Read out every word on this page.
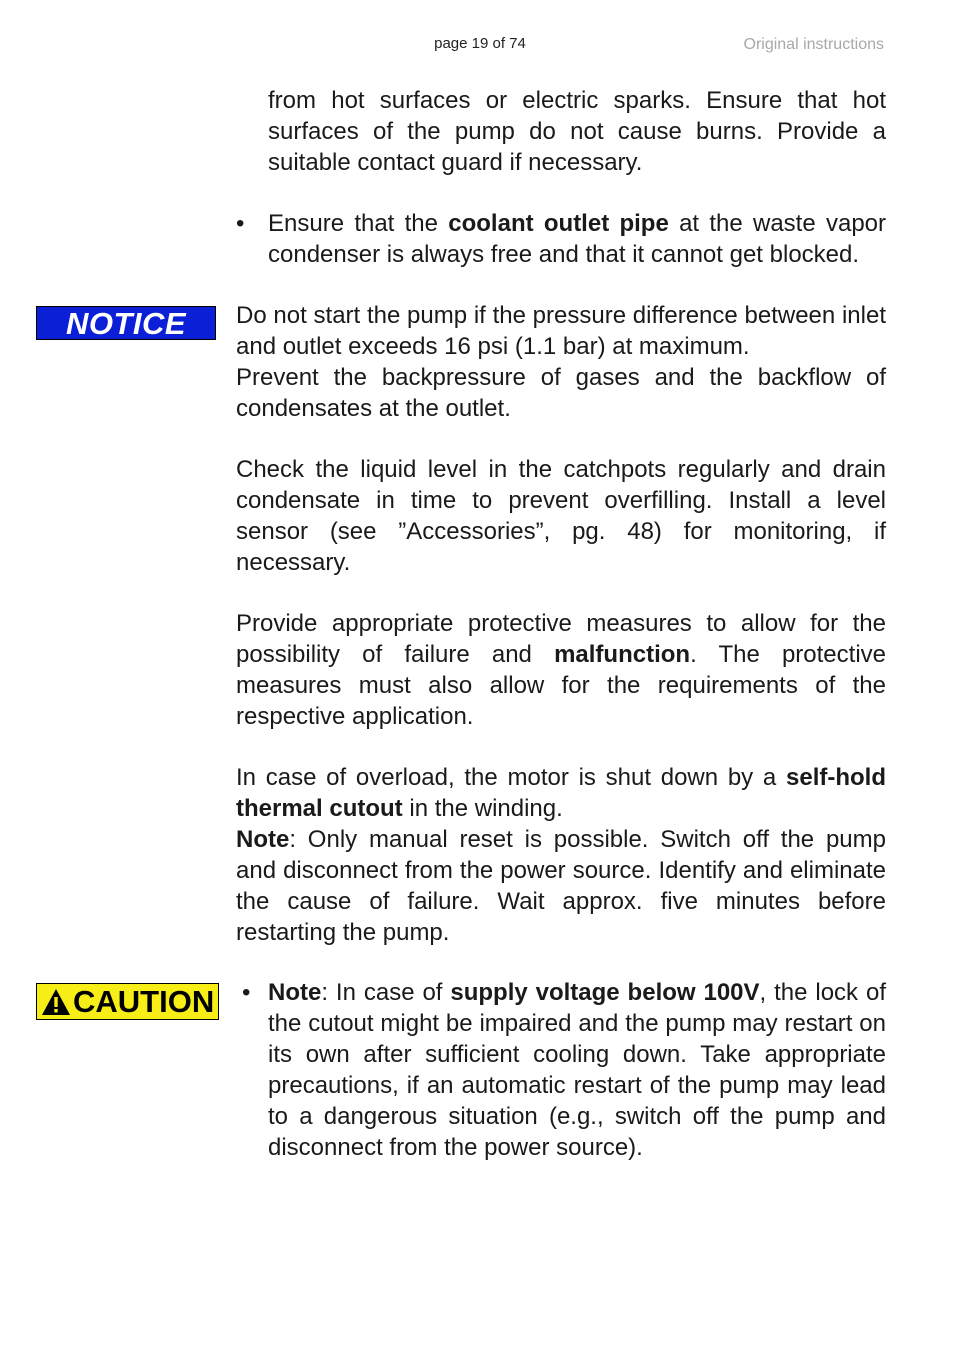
page 19 of 74	Original instructions

from hot surfaces or electric sparks. Ensure that hot surfaces of the pump do not cause burns. Provide a suitable contact guard if necessary.

• Ensure that the coolant outlet pipe at the waste vapor condenser is always free and that it cannot get blocked.

NOTICE	Do not start the pump if the pressure difference between inlet and outlet exceeds 16 psi (1.1 bar) at maximum.

Prevent the backpressure of gases and the backflow of condensates at the outlet.

Check the liquid level in the catchpots regularly and drain condensate in time to prevent overfilling. Install a level sensor (see ”Accessories”, pg. 48) for monitoring, if necessary.

Provide appropriate protective measures to allow for the possibility of failure and malfunction. The protective measures must also allow for the requirements of the respective application.

In case of overload, the motor is shut down by a self-hold thermal cutout in the winding.

Note: Only manual reset is possible. Switch off the pump and disconnect from the power source. Identify and eliminate the cause of failure. Wait approx. five minutes before restarting the pump.

CAUTION • Note: In case of supply voltage below 100V, the lock of the cutout might be impaired and the pump may restart on its own after sufficient cooling down. Take appropriate precautions, if an automatic restart of the pump may lead to a dangerous situation (e.g., switch off the pump and disconnect from the power source).
